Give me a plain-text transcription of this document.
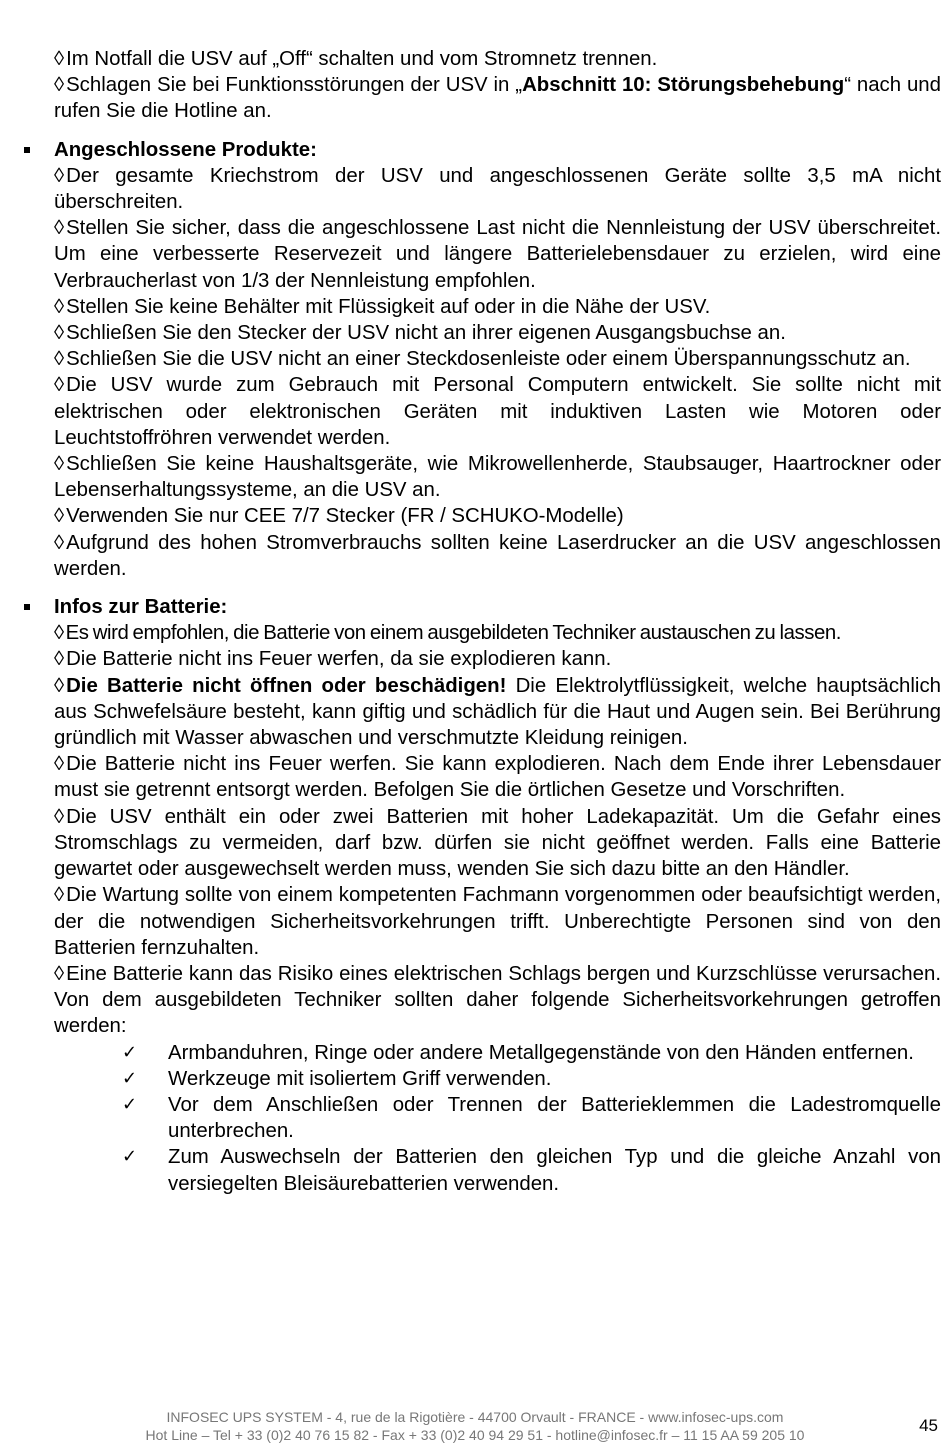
◊Im Notfall die USV auf „Off“ schalten und vom Stromnetz trennen.

◊Schlagen Sie bei Funktionsstörungen der USV in „Abschnitt 10: Störungsbehebung“ nach und rufen Sie die Hotline an.

Angeschlossene Produkte:

◊Der gesamte Kriechstrom der USV und angeschlossenen Geräte sollte 3,5 mA nicht überschreiten.

◊Stellen Sie sicher, dass die angeschlossene Last nicht die Nennleistung der USV überschreitet. Um eine verbesserte Reservezeit und längere Batterielebensdauer zu erzielen, wird eine Verbraucherlast von 1/3 der Nennleistung empfohlen.

◊Stellen Sie keine Behälter mit Flüssigkeit auf oder in die Nähe der USV.

◊Schließen Sie den Stecker der USV nicht an ihrer eigenen Ausgangsbuchse an.

◊Schließen Sie die USV nicht an einer Steckdosenleiste oder einem Überspannungsschutz an.

◊Die USV wurde zum Gebrauch mit Personal Computern entwickelt. Sie sollte nicht mit elektrischen oder elektronischen Geräten mit induktiven Lasten wie Motoren oder Leuchtstoffröhren verwendet werden.

◊Schließen Sie keine Haushaltsgeräte, wie Mikrowellenherde, Staubsauger, Haartrockner oder Lebenserhaltungssysteme, an die USV an.

◊Verwenden Sie nur CEE 7/7 Stecker (FR / SCHUKO-Modelle)

◊Aufgrund des hohen Stromverbrauchs sollten keine Laserdrucker an die USV angeschlossen werden.

Infos zur Batterie:

◊Es wird empfohlen, die Batterie von einem ausgebildeten Techniker austauschen zu lassen.

◊Die Batterie nicht ins Feuer werfen, da sie explodieren kann.

◊Die Batterie nicht öffnen oder beschädigen! Die Elektrolytflüssigkeit, welche hauptsächlich aus Schwefelsäure besteht, kann giftig und schädlich für die Haut und Augen sein. Bei Berührung gründlich mit Wasser abwaschen und verschmutzte Kleidung reinigen.

◊Die Batterie nicht ins Feuer werfen. Sie kann explodieren. Nach dem Ende ihrer Lebensdauer must sie getrennt entsorgt werden. Befolgen Sie die örtlichen Gesetze und Vorschriften.

◊Die USV enthält ein oder zwei Batterien mit hoher Ladekapazität. Um die Gefahr eines Stromschlags zu vermeiden, darf bzw. dürfen sie nicht geöffnet werden. Falls eine Batterie gewartet oder ausgewechselt werden muss, wenden Sie sich dazu bitte an den Händler.

◊Die Wartung sollte von einem kompetenten Fachmann vorgenommen oder beaufsichtigt werden, der die notwendigen Sicherheitsvorkehrungen trifft. Unberechtigte Personen sind von den Batterien fernzuhalten.

◊Eine Batterie kann das Risiko eines elektrischen Schlags bergen und Kurzschlüsse verursachen. Von dem ausgebildeten Techniker sollten daher folgende Sicherheitsvorkehrungen getroffen werden:

✓ Armbanduhren, Ringe oder andere Metallgegenstände von den Händen entfernen.
✓ Werkzeuge mit isoliertem Griff verwenden.
✓ Vor dem Anschließen oder Trennen der Batterieklemmen die Ladestromquelle unterbrechen.
✓ Zum Auswechseln der Batterien den gleichen Typ und die gleiche Anzahl von versiegelten Bleisäurebatterien verwenden.
INFOSEC UPS SYSTEM - 4, rue de la Rigotière - 44700 Orvault - FRANCE - www.infosec-ups.com
Hot Line – Tel + 33 (0)2 40 76 15 82 - Fax + 33 (0)2 40 94 29 51 - hotline@infosec.fr – 11 15 AA 59 205 10	45
